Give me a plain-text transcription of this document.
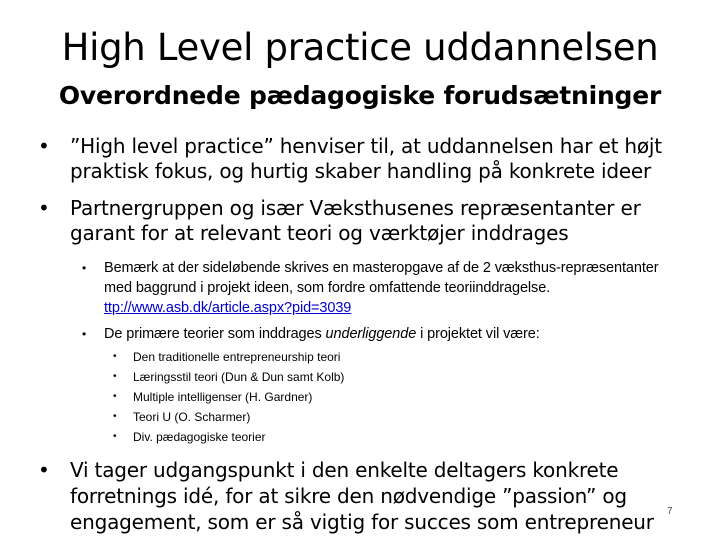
High Level practice uddannelsen
Overordnede pædagogiske forudsætninger
• ”High level practice” henviser til, at uddannelsen har et højt praktisk fokus, og hurtig skaber handling på konkrete ideer
• Partnergruppen og især Væksthusenes repræsentanter er garant for at relevant teori og værktøjer inddrages
• Bemærk at der sideløbende skrives en masteropgave af de 2 væksthus-repræsentanter med baggrund i projekt ideen, som fordre omfattende teoriinddragelse. ttp://www.asb.dk/article.aspx?pid=3039
• De primære teorier som inddrages underliggende i projektet vil være:
• Den traditionelle entrepreneurship teori
• Læringsstil teori (Dun & Dun samt Kolb)
• Multiple intelligenser (H. Gardner)
• Teori U (O. Scharmer)
• Div. pædagogiske teorier
• Vi tager udgangspunkt i den enkelte deltagers konkrete forretnings idé, for at sikre den nødvendige ”passion” og engagement, som er så vigtig for succes som entrepreneur	7
